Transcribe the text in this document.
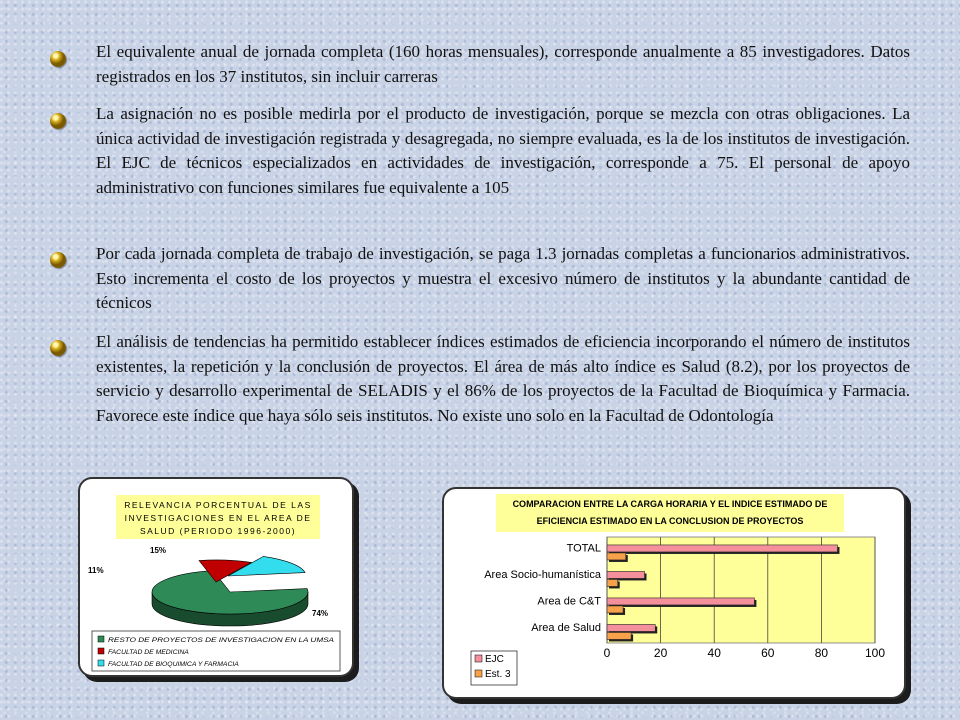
El equivalente anual de jornada completa (160 horas mensuales), corresponde anualmente a 85 investigadores. Datos registrados en los 37 institutos, sin incluir carreras
La asignación no es posible medirla por el producto de investigación, porque se mezcla con otras obligaciones. La única actividad de investigación registrada y desagregada, no siempre evaluada, es la de los institutos de investigación. El EJC de técnicos especializados en actividades de investigación, corresponde a 75. El personal de apoyo administrativo con funciones similares fue equivalente a 105
Por cada jornada completa de trabajo de investigación, se paga 1.3 jornadas completas a funcionarios administrativos. Esto incrementa el costo de los proyectos y muestra el excesivo número de institutos y la abundante cantidad de técnicos
El análisis de tendencias ha permitido establecer índices estimados de eficiencia incorporando el número de institutos existentes, la repetición y la conclusión de proyectos. El área de más alto índice es Salud (8.2), por los proyectos de servicio y desarrollo experimental de SELADIS y el 86% de los proyectos de la Facultad de Bioquímica y Farmacia. Favorece este índice que haya sólo seis institutos. No existe uno solo en la Facultad de Odontología
RELEVANCIA PORCENTUAL DE LAS
INVESTIGACIONES EN EL AREA DE
SALUD (PERIODO 1996-2000)
74%
11%
15%
RESTO DE PROYECTOS DE INVESTIGACION EN LA UMSA
FACULTAD DE MEDICINA
FACULTAD DE BIOQUIMICA Y FARMACIA
COMPARACION ENTRE LA CARGA HORARIA Y EL INDICE ESTIMADO DE
EFICIENCIA ESTIMADO EN LA CONCLUSION DE PROYECTOS
0	20	40	60	80	100
TOTAL
Area Socio-humanística
Area de C&T
Area de Salud
EJC
Est. 3
